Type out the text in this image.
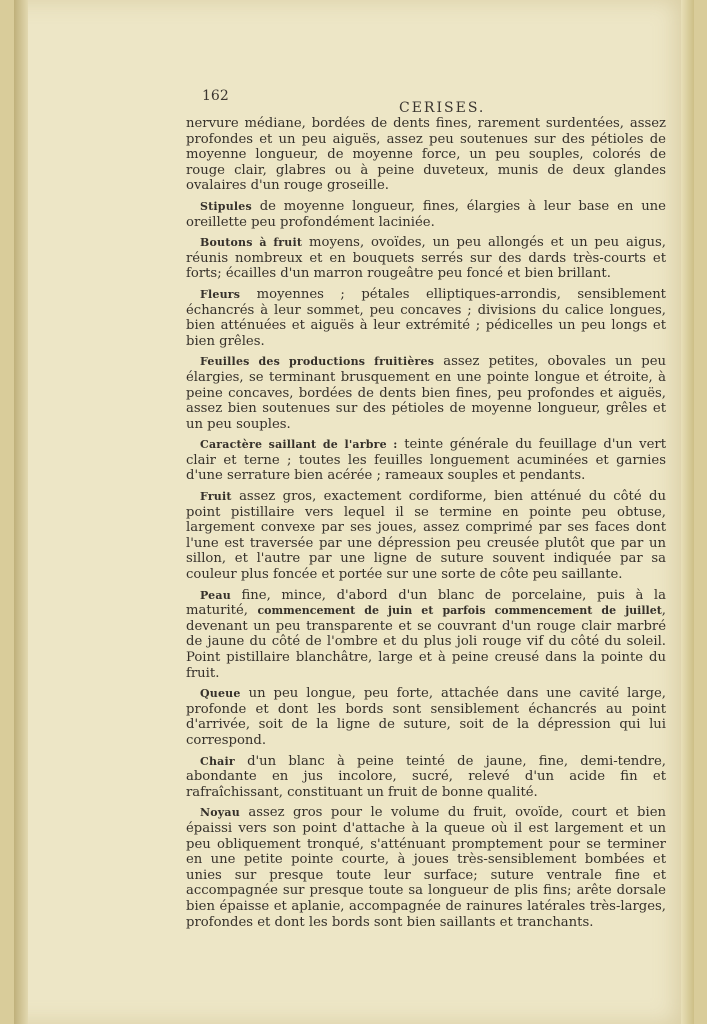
162
CERISES.

nervure médiane, bordées de dents fines, rarement surdentées, assez profondes et un peu aiguës, assez peu soutenues sur des pétioles de moyenne longueur, de moyenne force, un peu souples, colorés de rouge clair, glabres ou à peine duveteux, munis de deux glandes ovalaires d'un rouge groseille.

Stipules de moyenne longueur, fines, élargies à leur base en une oreillette peu profondément laciniée.

Boutons à fruit moyens, ovoïdes, un peu allongés et un peu aigus, réunis nombreux et en bouquets serrés sur des dards très-courts et forts; écailles d'un marron rougeâtre peu foncé et bien brillant.

Fleurs moyennes ; pétales elliptiques-arrondis, sensiblement échancrés à leur sommet, peu concaves ; divisions du calice longues, bien atténuées et aiguës à leur extrémité ; pédicelles un peu longs et bien grêles.

Feuilles des productions fruitières assez petites, obovales un peu élargies, se terminant brusquement en une pointe longue et étroite, à peine concaves, bordées de dents bien fines, peu profondes et aiguës, assez bien soutenues sur des pétioles de moyenne longueur, grêles et un peu souples.

Caractère saillant de l'arbre : teinte générale du feuillage d'un vert clair et terne ; toutes les feuilles longuement acuminées et garnies d'une serrature bien acérée ; rameaux souples et pendants.

Fruit assez gros, exactement cordiforme, bien atténué du côté du point pistillaire vers lequel il se termine en pointe peu obtuse, largement convexe par ses joues, assez comprimé par ses faces dont l'une est traversée par une dépression peu creusée plutôt que par un sillon, et l'autre par une ligne de suture souvent indiquée par sa couleur plus foncée et portée sur une sorte de côte peu saillante.

Peau fine, mince, d'abord d'un blanc de porcelaine, puis à la maturité, commencement de juin et parfois commencement de juillet, devenant un peu transparente et se couvrant d'un rouge clair marbré de jaune du côté de l'ombre et du plus joli rouge vif du côté du soleil. Point pistillaire blanchâtre, large et à peine creusé dans la pointe du fruit.

Queue un peu longue, peu forte, attachée dans une cavité large, profonde et dont les bords sont sensiblement échancrés au point d'arrivée, soit de la ligne de suture, soit de la dépression qui lui correspond.

Chair d'un blanc à peine teinté de jaune, fine, demi-tendre, abondante en jus incolore, sucré, relevé d'un acide fin et rafraîchissant, constituant un fruit de bonne qualité.

Noyau assez gros pour le volume du fruit, ovoïde, court et bien épaissi vers son point d'attache à la queue où il est largement et un peu obliquement tronqué, s'atténuant promptement pour se terminer en une petite pointe courte, à joues très-sensiblement bombées et unies sur presque toute leur surface; suture ventrale fine et accompagnée sur presque toute sa longueur de plis fins; arête dorsale bien épaisse et aplanie, accompagnée de rainures latérales très-larges, profondes et dont les bords sont bien saillants et tranchants.
